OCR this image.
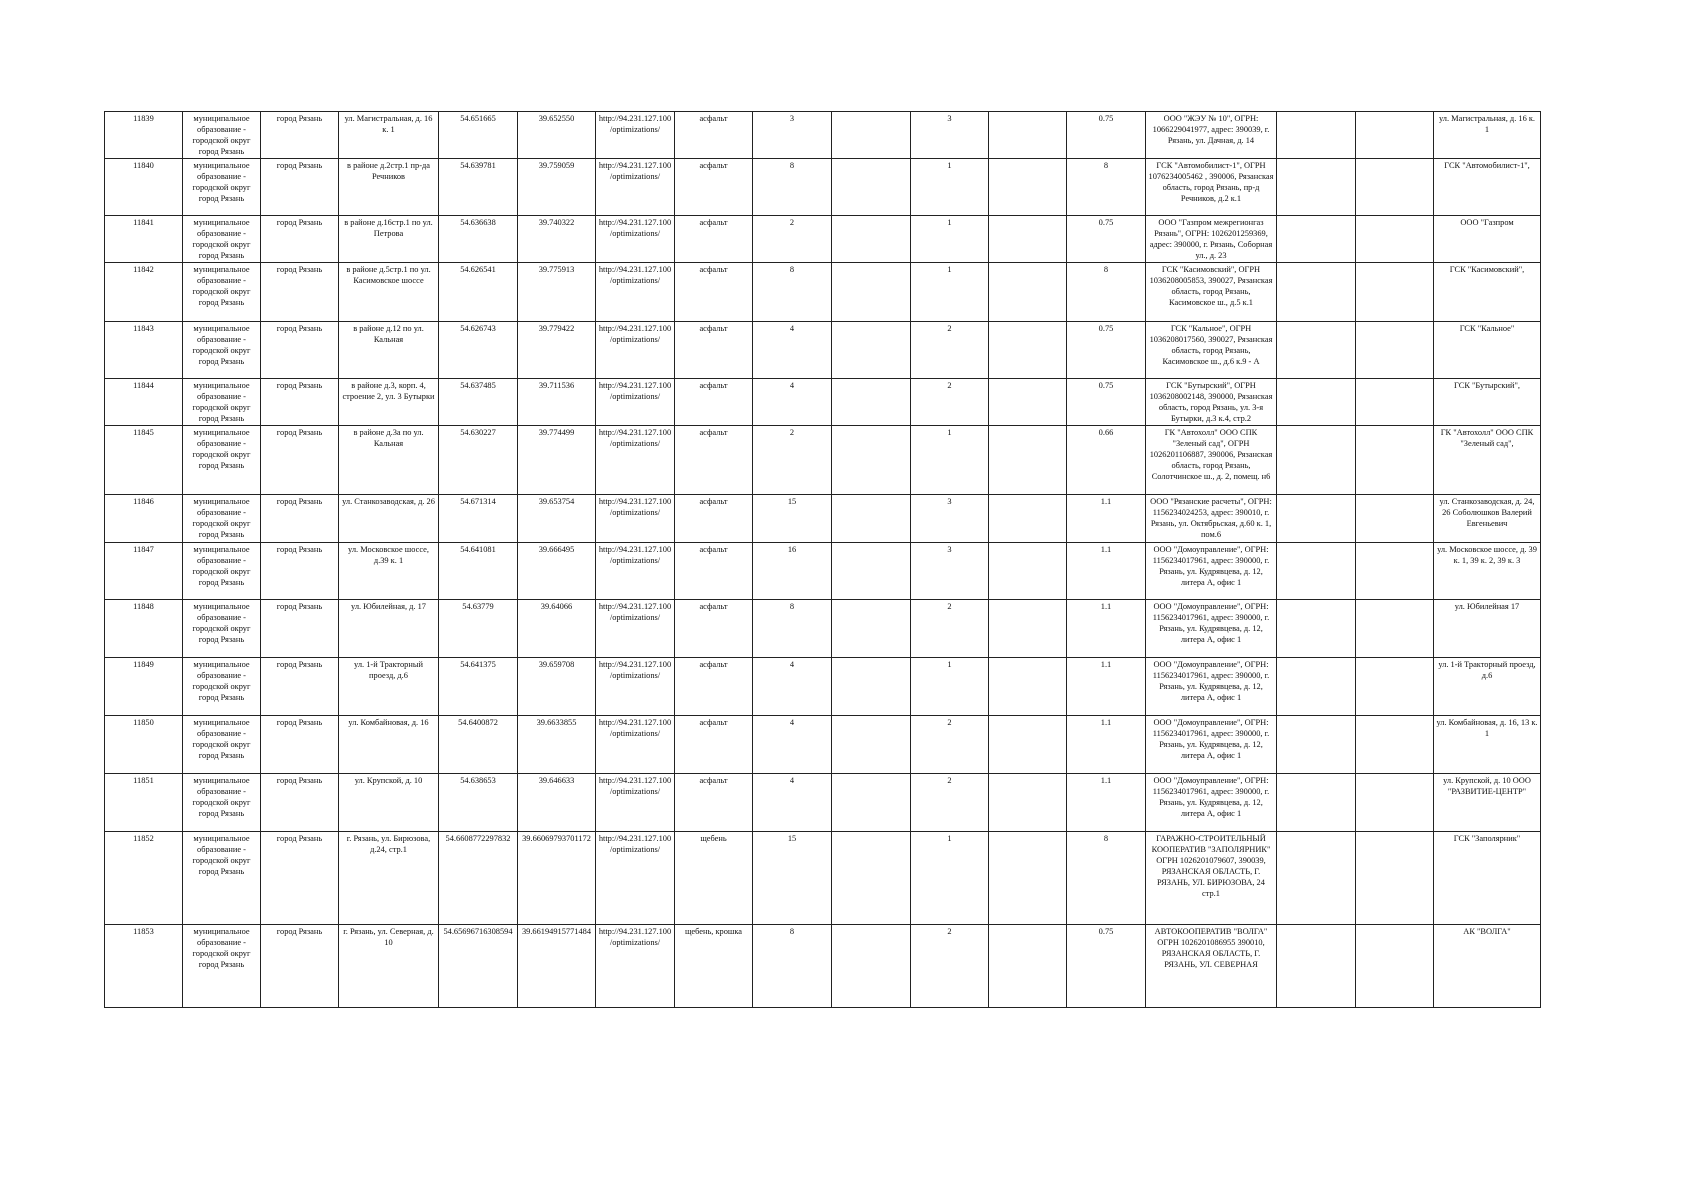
11839	муниципальное образование - городской округ город Рязань	город Рязань	ул. Магистральная, д. 16 к. 1	54.651665	39.652550	http://94.231.127.100/optimizations/	асфальт	3		3		0.75	ООО "ЖЭУ № 10", ОГРН: 1066229041977, адрес: 390039, г. Рязань, ул. Дачная, д. 14			ул. Магистральная, д. 16 к. 1
11840	муниципальное образование - городской округ город Рязань	город Рязань	в районе д.2стр.1 пр-да Речников	54.639781	39.759059	http://94.231.127.100/optimizations/	асфальт	8		1		8	ГСК "Автомобилист-1", ОГРН 1076234005462 , 390006, Рязанская область, город Рязань, пр-д Речников, д.2 к.1			ГСК "Автомобилист-1",
11841	муниципальное образование - городской округ город Рязань	город Рязань	в районе д.16стр.1 по ул. Петрова	54.636638	39.740322	http://94.231.127.100/optimizations/	асфальт	2		1		0.75	ООО "Газпром межрегионгаз Рязань", ОГРН: 1026201259369, адрес: 390000, г. Рязань, Соборная ул., д. 23			ООО "Газпром
11842	муниципальное образование - городской округ город Рязань	город Рязань	в районе д.5стр.1 по ул. Касимовское шоссе	54.626541	39.775913	http://94.231.127.100/optimizations/	асфальт	8		1		8	ГСК "Касимовский", ОГРН 1036208005853, 390027, Рязанская область, город Рязань, Касимовское ш., д.5 к.1			ГСК "Касимовский",
11843	муниципальное образование - городской округ город Рязань	город Рязань	в районе д.12 по ул. Кальная	54.626743	39.779422	http://94.231.127.100/optimizations/	асфальт	4		2		0.75	ГСК "Кальное", ОГРН 1036208017560, 390027, Рязанская область, город Рязань, Касимовское ш., д.6 к.9 - А			ГСК "Кальное"
11844	муниципальное образование - городской округ город Рязань	город Рязань	в районе д.3, корп. 4, строение 2, ул. 3 Бутырки	54.637485	39.711536	http://94.231.127.100/optimizations/	асфальт	4		2		0.75	ГСК "Бутырский", ОГРН 1036208002148, 390000, Рязанская область, город Рязань, ул. 3-я Бутырки, д.3 к.4, стр.2			ГСК "Бутырский",
11845	муниципальное образование - городской округ город Рязань	город Рязань	в районе д.3а по ул. Кальная	54.630227	39.774499	http://94.231.127.100/optimizations/	асфальт	2		1		0.66	ГК "Автохолл" ООО СПК "Зеленый сад", ОГРН 1026201106887, 390006, Рязанская область, город Рязань, Солотчинское ш., д. 2, помещ. н6			ГК "Автохолл" ООО СПК "Зеленый сад",
11846	муниципальное образование - городской округ город Рязань	город Рязань	ул. Станкозаводская, д. 26	54.671314	39.653754	http://94.231.127.100/optimizations/	асфальт	15		3		1.1	ООО "Рязанские расчеты", ОГРН: 1156234024253, адрес: 390010, г. Рязань, ул. Октябрьская, д.60 к. 1, пом.6			ул. Станкозаводская, д. 24, 26 Соболюшков Валерий Евгеньевич
11847	муниципальное образование - городской округ город Рязань	город Рязань	ул. Московское шоссе, д.39 к. 1	54.641081	39.666495	http://94.231.127.100/optimizations/	асфальт	16		3		1.1	ООО "Домоуправление", ОГРН: 1156234017961, адрес: 390000, г. Рязань, ул. Кудрявцева, д. 12, литера А, офис 1			ул. Московское шоссе, д. 39 к. 1, 39 к. 2, 39 к. 3
11848	муниципальное образование - городской округ город Рязань	город Рязань	ул. Юбилейная, д. 17	54.63779	39.64066	http://94.231.127.100/optimizations/	асфальт	8		2		1.1	ООО "Домоуправление", ОГРН: 1156234017961, адрес: 390000, г. Рязань, ул. Кудрявцева, д. 12, литера А, офис 1			ул. Юбилейная 17
11849	муниципальное образование - городской округ город Рязань	город Рязань	ул. 1-й Тракторный проезд, д.6	54.641375	39.659708	http://94.231.127.100/optimizations/	асфальт	4		1		1.1	ООО "Домоуправление", ОГРН: 1156234017961, адрес: 390000, г. Рязань, ул. Кудрявцева, д. 12, литера А, офис 1			ул. 1-й Тракторный проезд, д.6
11850	муниципальное образование - городской округ город Рязань	город Рязань	ул. Комбайновая, д. 16	54.6400872	39.6633855	http://94.231.127.100/optimizations/	асфальт	4		2		1.1	ООО "Домоуправление", ОГРН: 1156234017961, адрес: 390000, г. Рязань, ул. Кудрявцева, д. 12, литера А, офис 1			ул. Комбайновая, д. 16, 13 к. 1
11851	муниципальное образование - городской округ город Рязань	город Рязань	ул. Крупской, д. 10	54.638653	39.646633	http://94.231.127.100/optimizations/	асфальт	4		2		1.1	ООО "Домоуправление", ОГРН: 1156234017961, адрес: 390000, г. Рязань, ул. Кудрявцева, д. 12, литера А, офис 1			ул. Крупской, д. 10 ООО "РАЗВИТИЕ-ЦЕНТР"
11852	муниципальное образование - городской округ город Рязань	город Рязань	г. Рязань, ул. Бирюзова, д.24, стр.1	54.6608772297832	39.66069793701172	http://94.231.127.100/optimizations/	щебень	15		1		8	ГАРАЖНО-СТРОИТЕЛЬНЫЙ КООПЕРАТИВ "ЗАПОЛЯРНИК" ОГРН 1026201079607, 390039, РЯЗАНСКАЯ ОБЛАСТЬ, Г. РЯЗАНЬ, УЛ. БИРЮЗОВА, 24 стр.1			ГСК "Заполярник"
11853	муниципальное образование - городской округ город Рязань	город Рязань	г. Рязань, ул. Северная, д. 10	54.65696716308594	39.66194915771484	http://94.231.127.100/optimizations/	щебень, крошка	8		2		0.75	АВТОКООПЕРАТИВ "ВОЛГА" ОГРН 1026201086955 390010, РЯЗАНСКАЯ ОБЛАСТЬ, Г. РЯЗАНЬ, УЛ. СЕВЕРНАЯ			АК "ВОЛГА"
